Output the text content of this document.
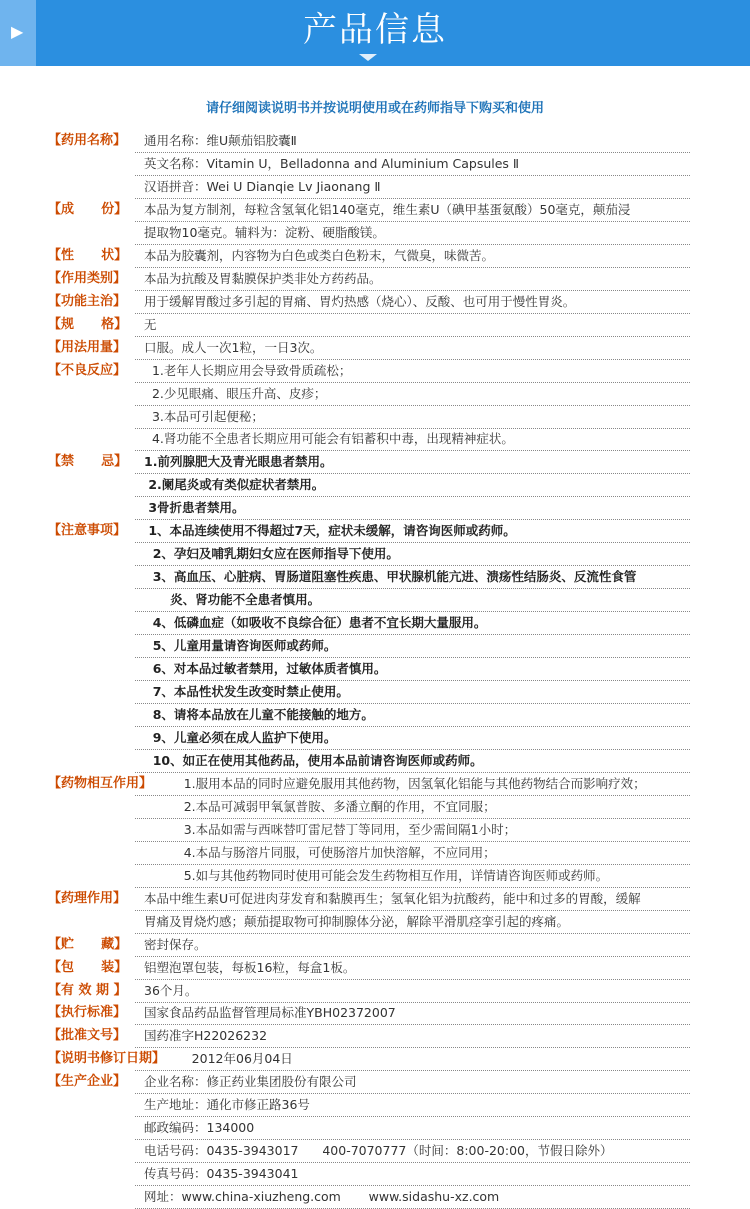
▶	产品信息
请仔细阅读说明书并按说明使用或在药师指导下购买和使用
【药用名称】 通用名称：维U颠茄铝胶囊Ⅱ
英文名称：Vitamin U，Belladonna and Aluminium Capsules Ⅱ
汉语拼音：Wei U Dianqie Lv Jiaonang Ⅱ
【成      份】 本品为复方制剂，每粒含氢氧化铝140毫克，维生素U（碘甲基蛋氨酸）50毫克，颠茄浸
提取物10毫克。辅料为：淀粉、硬脂酸镁。
【性      状】 本品为胶囊剂，内容物为白色或类白色粉末，气微臭，味微苦。
【作用类别】 本品为抗酸及胃黏膜保护类非处方药药品。
【功能主治】 用于缓解胃酸过多引起的胃痛、胃灼热感（烧心）、反酸、也可用于慢性胃炎。
【规      格】 无
【用法用量】 口服。成人一次1粒，一日3次。
【不良反应】 1.老年人长期应用会导致骨质疏松；
2.少见眼痛、眼压升高、皮疹；
3.本品可引起便秘；
4.肾功能不全患者长期应用可能会有铝蓄积中毒，出现精神症状。
【禁      忌】 1.前列腺肥大及青光眼患者禁用。
2.阑尾炎或有类似症状者禁用。
3骨折患者禁用。
【注意事项】 1、本品连续使用不得超过7天，症状未缓解，请咨询医师或药师。
2、孕妇及哺乳期妇女应在医师指导下使用。
3、高血压、心脏病、胃肠道阻塞性疾患、甲状腺机能亢进、溃疡性结肠炎、反流性食管
炎、肾功能不全患者慎用。
4、低磷血症（如吸收不良综合征）患者不宜长期大量服用。
5、儿童用量请咨询医师或药师。
6、对本品过敏者禁用，过敏体质者慎用。
7、本品性状发生改变时禁止使用。
8、请将本品放在儿童不能接触的地方。
9、儿童必须在成人监护下使用。
10、如正在使用其他药品，使用本品前请咨询医师或药师。
【药物相互作用】
1.服用本品的同时应避免服用其他药物，因氢氧化铝能与其他药物结合而影响疗效；
2.本品可减弱甲氧氯普胺、多潘立酮的作用，不宜同服；
3.本品如需与西咪替叮雷尼替丁等同用，至少需间隔1小时；
4.本品与肠溶片同服，可使肠溶片加快溶解，不应同用；
5.如与其他药物同时使用可能会发生药物相互作用，详情请咨询医师或药师。
【药理作用】 本品中维生素U可促进肉芽发育和黏膜再生；氢氧化铝为抗酸药，能中和过多的胃酸，缓解
胃痛及胃烧灼感；颠茄提取物可抑制腺体分泌，解除平滑肌痉挛引起的疼痛。
【贮      藏】 密封保存。
【包      装】 铝塑泡罩包装，每板16粒，每盒1板。
【有 效 期 】 36个月。
【执行标准】 国家食品药品监督管理局标准YBH02372007
【批准文号】 国药准字H22026232
【说明书修订日期】
2012年06月04日
【生产企业】 企业名称：修正药业集团股份有限公司
生产地址：通化市修正路36号
邮政编码：134000
电话号码：0435-3943017      400-7070777（时间：8:00-20:00，节假日除外）
传真号码：0435-3943041
网址：www.china-xiuzheng.com       www.sidashu-xz.com
